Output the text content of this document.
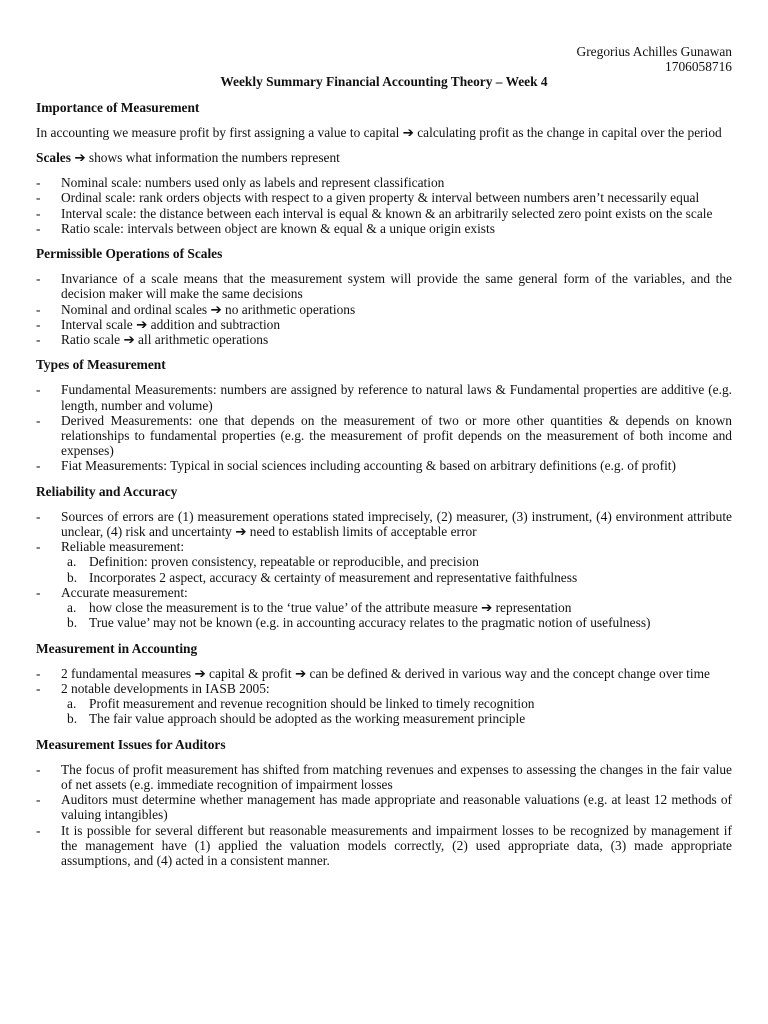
Gregorius Achilles Gunawan

1706058716

Weekly Summary Financial Accounting Theory – Week 4

Importance of Measurement

In accounting we measure profit by first assigning a value to capital ➔ calculating profit as the change in capital over the period

Scales ➔ shows what information the numbers represent

- Nominal scale: numbers used only as labels and represent classification
- Ordinal scale: rank orders objects with respect to a given property & interval between numbers aren’t necessarily equal
- Interval scale: the distance between each interval is equal & known & an arbitrarily selected zero point exists on the scale
- Ratio scale: intervals between object are known & equal & a unique origin exists
Permissible Operations of Scales
- Invariance of a scale means that the measurement system will provide the same general form of the variables, and the decision maker will make the same decisions
- Nominal and ordinal scales ➔ no arithmetic operations
- Interval scale ➔ addition and subtraction
- Ratio scale ➔ all arithmetic operations
Types of Measurement
- Fundamental Measurements: numbers are assigned by reference to natural laws & Fundamental properties are additive (e.g. length, number and volume)
- Derived Measurements: one that depends on the measurement of two or more other quantities & depends on known relationships to fundamental properties (e.g. the measurement of profit depends on the measurement of both income and expenses)
- Fiat Measurements: Typical in social sciences including accounting & based on arbitrary definitions (e.g. of profit)
Reliability and Accuracy
- Sources of errors are (1) measurement operations stated imprecisely, (2) measurer, (3) instrument, (4) environment attribute unclear, (4) risk and uncertainty ➔ need to establish limits of acceptable error
- Reliable measurement:
a. Definition: proven consistency, repeatable or reproducible, and precision
b. Incorporates 2 aspect, accuracy & certainty of measurement and representative faithfulness
- Accurate measurement:
a. how close the measurement is to the ‘true value’ of the attribute measure ➔ representation
b. True value’ may not be known (e.g. in accounting accuracy relates to the pragmatic notion of usefulness)
Measurement in Accounting
- 2 fundamental measures ➔ capital & profit ➔ can be defined & derived in various way and the concept change over time
- 2 notable developments in IASB 2005:
a. Profit measurement and revenue recognition should be linked to timely recognition
b. The fair value approach should be adopted as the working measurement principle
Measurement Issues for Auditors
- The focus of profit measurement has shifted from matching revenues and expenses to assessing the changes in the fair value of net assets (e.g. immediate recognition of impairment losses
- Auditors must determine whether management has made appropriate and reasonable valuations (e.g. at least 12 methods of valuing intangibles)
- It is possible for several different but reasonable measurements and impairment losses to be recognized by management if the management have (1) applied the valuation models correctly, (2) used appropriate data, (3) made appropriate assumptions, and (4) acted in a consistent manner.
